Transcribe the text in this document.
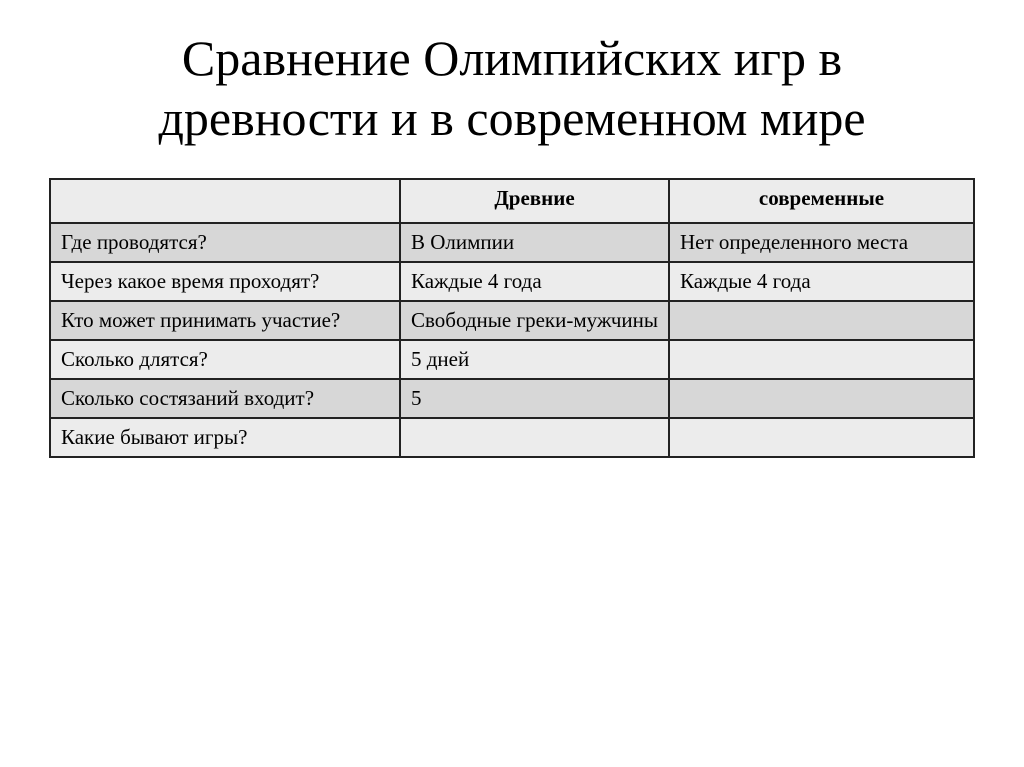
Сравнение Олимпийских игр в
древности и в современном мире
	Древние	современные
Где проводятся?	В Олимпии	Нет определенного места
Через какое время проходят?	Каждые 4 года	Каждые 4 года
Кто может принимать участие?	Свободные греки-мужчины	
Сколько длятся?	5 дней	
Сколько состязаний входит?	5	
Какие бывают игры?		
